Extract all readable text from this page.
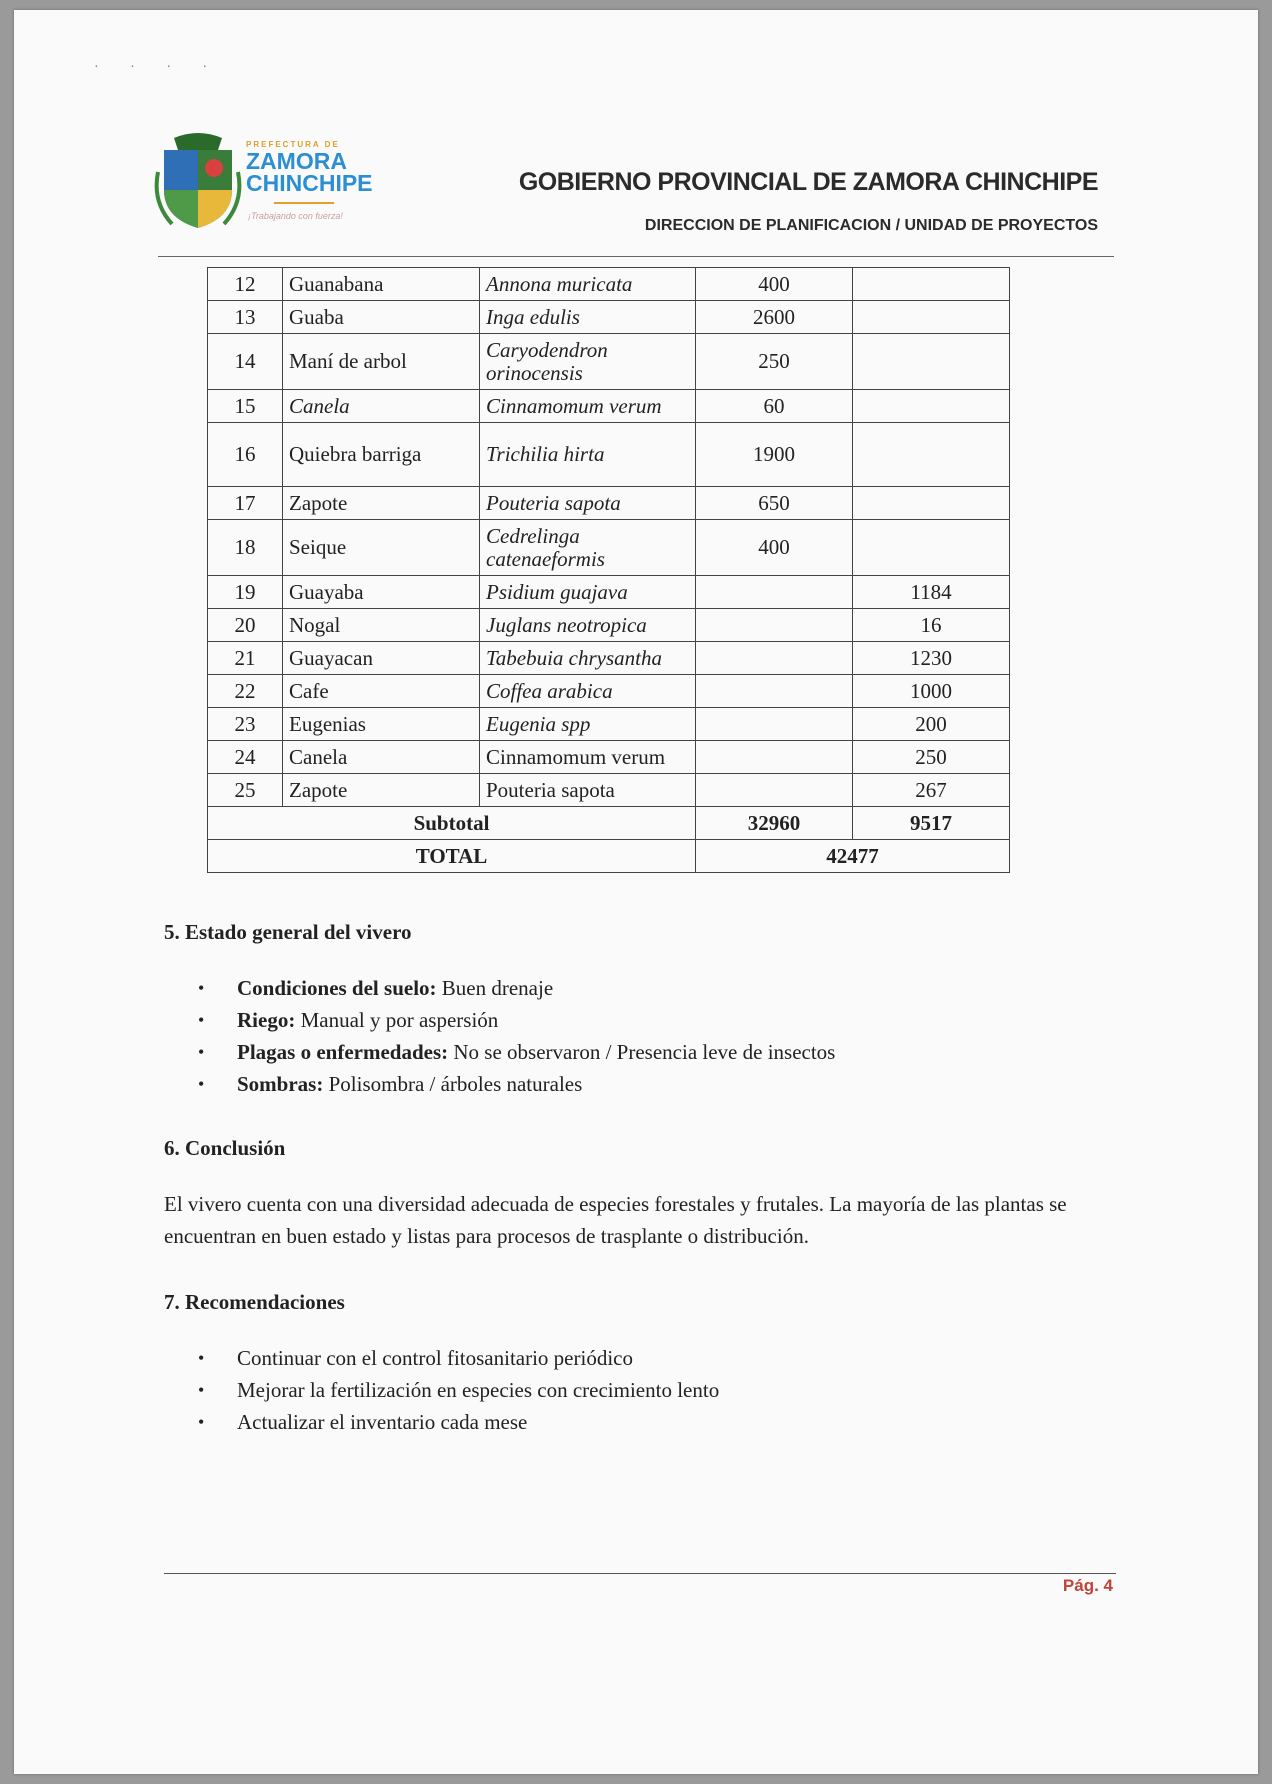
· · · ·
PREFECTURA DE
ZAMORA
CHINCHIPE
¡Trabajando con fuerza!
GOBIERNO PROVINCIAL DE ZAMORA CHINCHIPE
DIRECCION DE PLANIFICACION / UNIDAD DE PROYECTOS
12	Guanabana	Annona muricata	400	
13	Guaba	Inga edulis	2600	
14	Maní de arbol	Caryodendron orinocensis	250	
15	Canela	Cinnamomum verum	60	
16	Quiebra barriga	Trichilia hirta	1900	
17	Zapote	Pouteria sapota	650	
18	Seique	Cedrelinga catenaeformis	400	
19	Guayaba	Psidium guajava		1184
20	Nogal	Juglans neotropica		16
21	Guayacan	Tabebuia chrysantha		1230
22	Cafe	Coffea arabica		1000
23	Eugenias	Eugenia spp		200
24	Canela	Cinnamomum verum		250
25	Zapote	Pouteria sapota		267
Subtotal			32960	9517
TOTAL			42477	
5. Estado general del vivero
• Condiciones del suelo: Buen drenaje
• Riego: Manual y por aspersión
• Plagas o enfermedades: No se observaron / Presencia leve de insectos
• Sombras: Polisombra / árboles naturales
6. Conclusión
El vivero cuenta con una diversidad adecuada de especies forestales y frutales. La mayoría de las plantas se encuentran en buen estado y listas para procesos de trasplante o distribución.
7. Recomendaciones
• Continuar con el control fitosanitario periódico
• Mejorar la fertilización en especies con crecimiento lento
• Actualizar el inventario cada mese
Pág. 4
